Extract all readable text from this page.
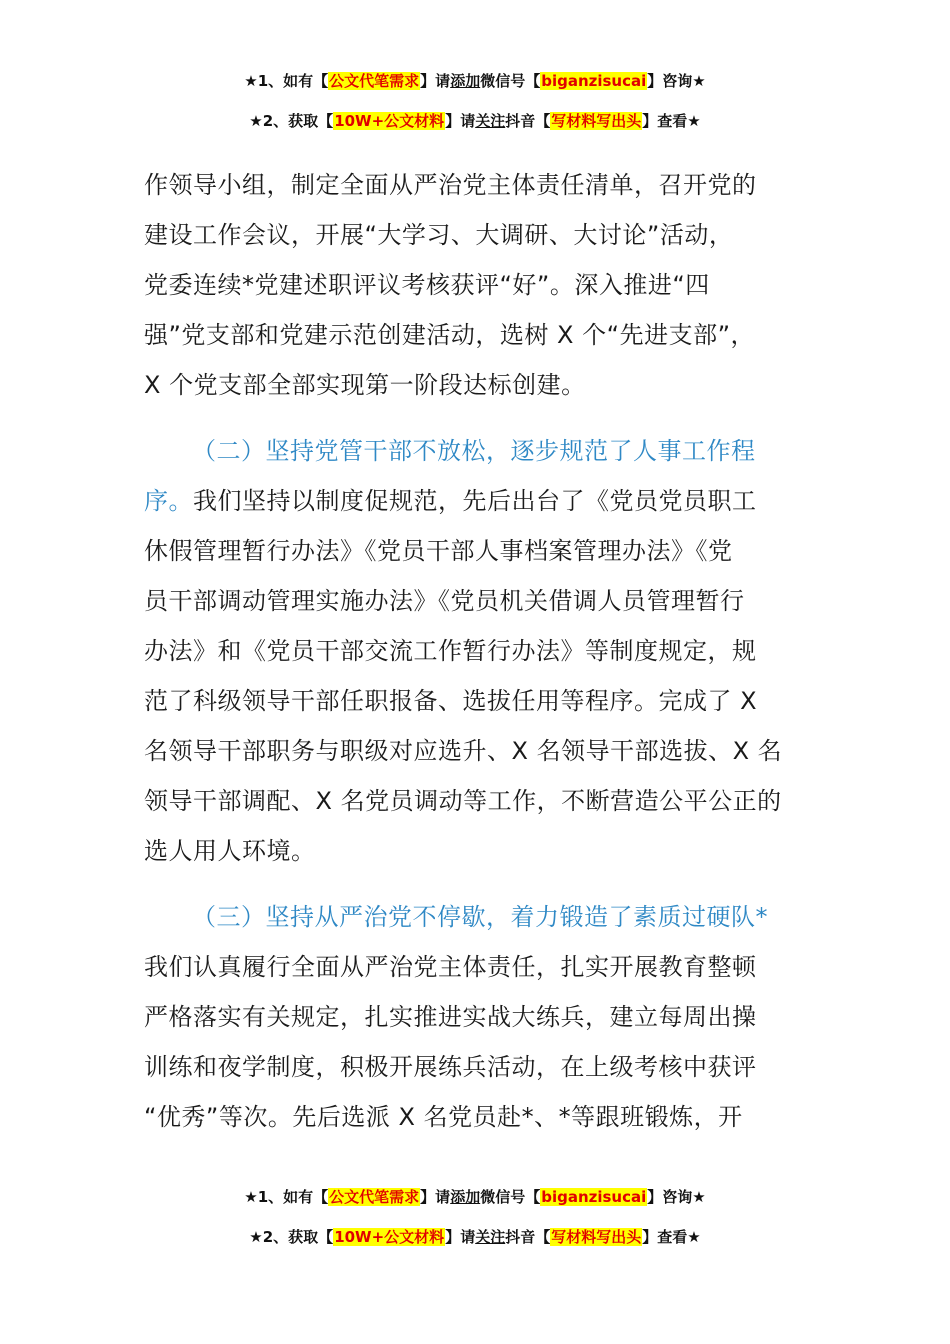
★1、如有【公文代笔需求】请添加微信号【biganzisucai】咨询★
★2、获取【10W+公文材料】请关注抖音【写材料写出头】查看★
作领导小组，制定全面从严治党主体责任清单，召开党的
建设工作会议，开展“大学习、大调研、大讨论”活动，
党委连续*党建述职评议考核获评“好”。深入推进“四
强”党支部和党建示范创建活动，选树 X 个“先进支部”，
X 个党支部全部实现第一阶段达标创建。
（二）坚持党管干部不放松，逐步规范了人事工作程
序。我们坚持以制度促规范，先后出台了《党员党员职工
休假管理暂行办法》《党员干部人事档案管理办法》《党
员干部调动管理实施办法》《党员机关借调人员管理暂行
办法》和《党员干部交流工作暂行办法》等制度规定，规
范了科级领导干部任职报备、选拔任用等程序。完成了 X
名领导干部职务与职级对应选升、X 名领导干部选拔、X 名
领导干部调配、X 名党员调动等工作，不断营造公平公正的
选人用人环境。
（三）坚持从严治党不停歇，着力锻造了素质过硬队*
我们认真履行全面从严治党主体责任，扎实开展教育整顿
严格落实有关规定，扎实推进实战大练兵，建立每周出操
训练和夜学制度，积极开展练兵活动，在上级考核中获评
“优秀”等次。先后选派 X 名党员赴*、*等跟班锻炼，开
★1、如有【公文代笔需求】请添加微信号【biganzisucai】咨询★
★2、获取【10W+公文材料】请关注抖音【写材料写出头】查看★
